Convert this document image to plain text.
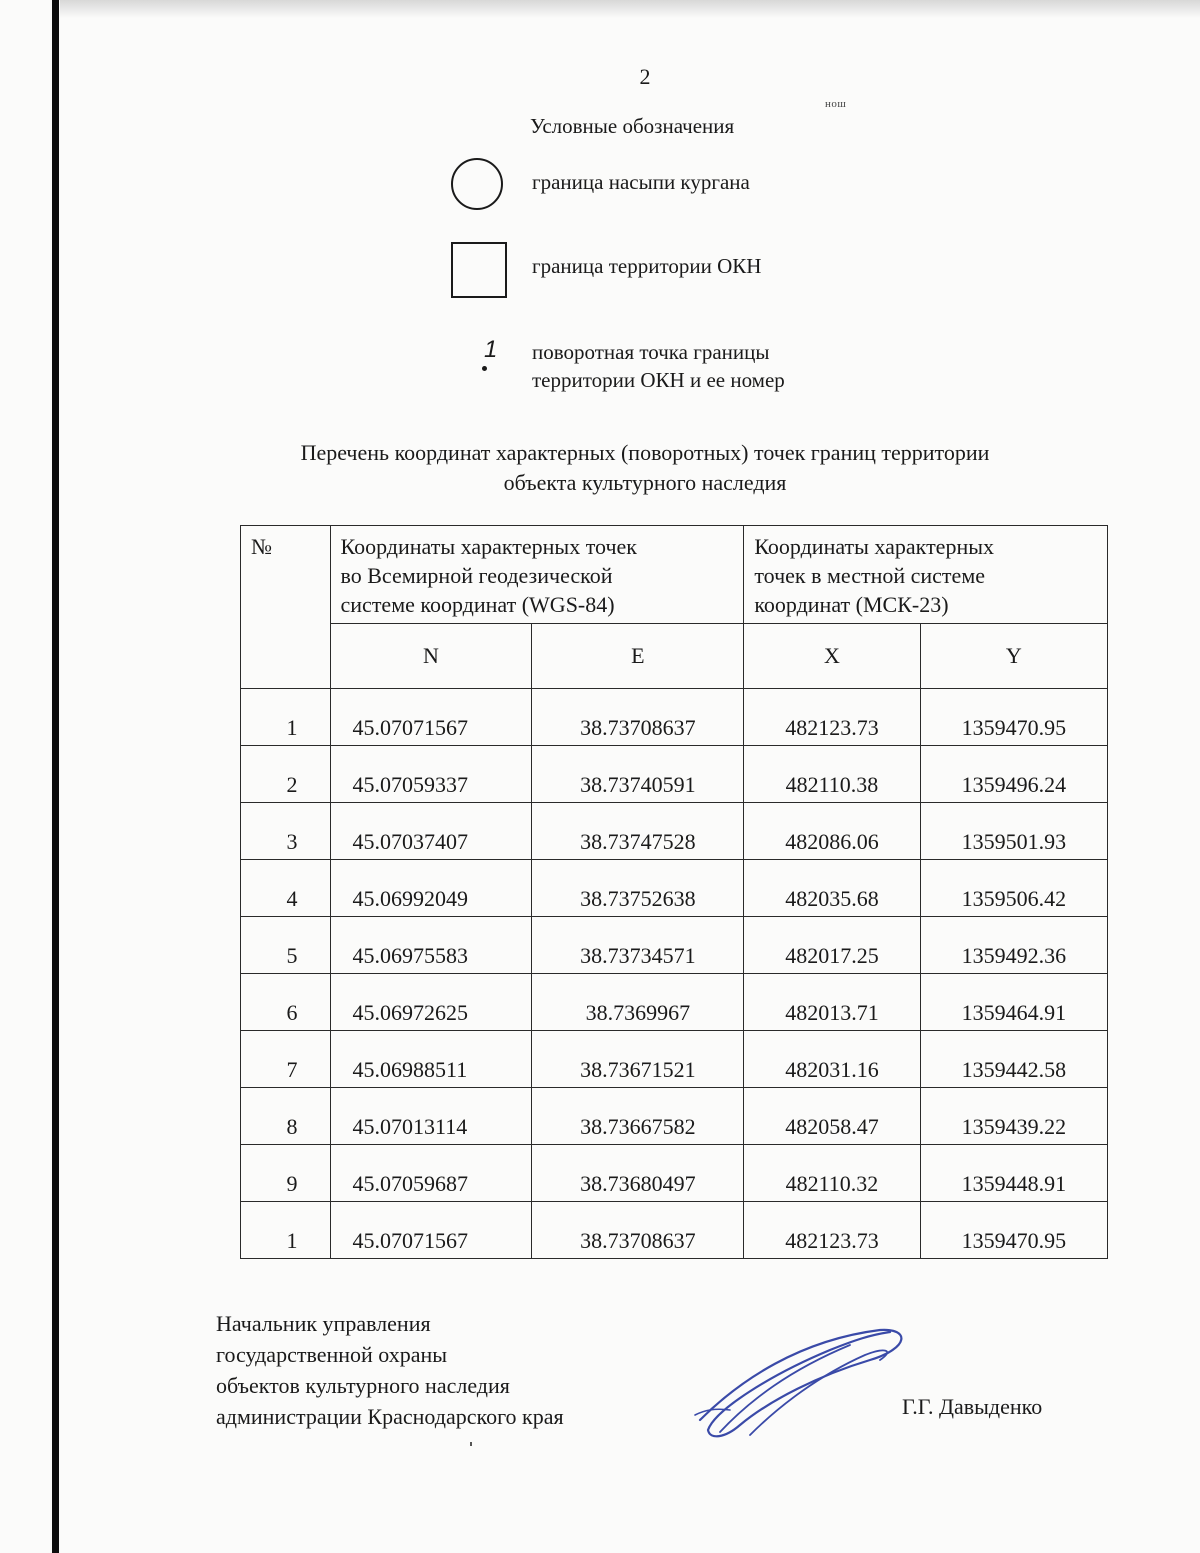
2
нош
Условные обозначения
граница насыпи кургана
граница территории ОКН
1 поворотная точка границы
территории ОКН и ее номер
Перечень координат характерных (поворотных) точек границ территории
объекта культурного наследия
№	Координаты характерных точек
во Всемирной геодезической
системе координат (WGS-84)		Координаты характерных
точек в местной системе
координат (МСК-23)	

	N	E	X	Y
1	45.07071567	38.73708637	482123.73	1359470.95
2	45.07059337	38.73740591	482110.38	1359496.24
3	45.07037407	38.73747528	482086.06	1359501.93
4	45.06992049	38.73752638	482035.68	1359506.42
5	45.06975583	38.73734571	482017.25	1359492.36
6	45.06972625	38.7369967	482013.71	1359464.91
7	45.06988511	38.73671521	482031.16	1359442.58
8	45.07013114	38.73667582	482058.47	1359439.22
9	45.07059687	38.73680497	482110.32	1359448.91
1	45.07071567	38.73708637	482123.73	1359470.95
Начальник управления
государственной охраны
объектов культурного наследия
администрации Краснодарского края	Г.Г. Давыденко
